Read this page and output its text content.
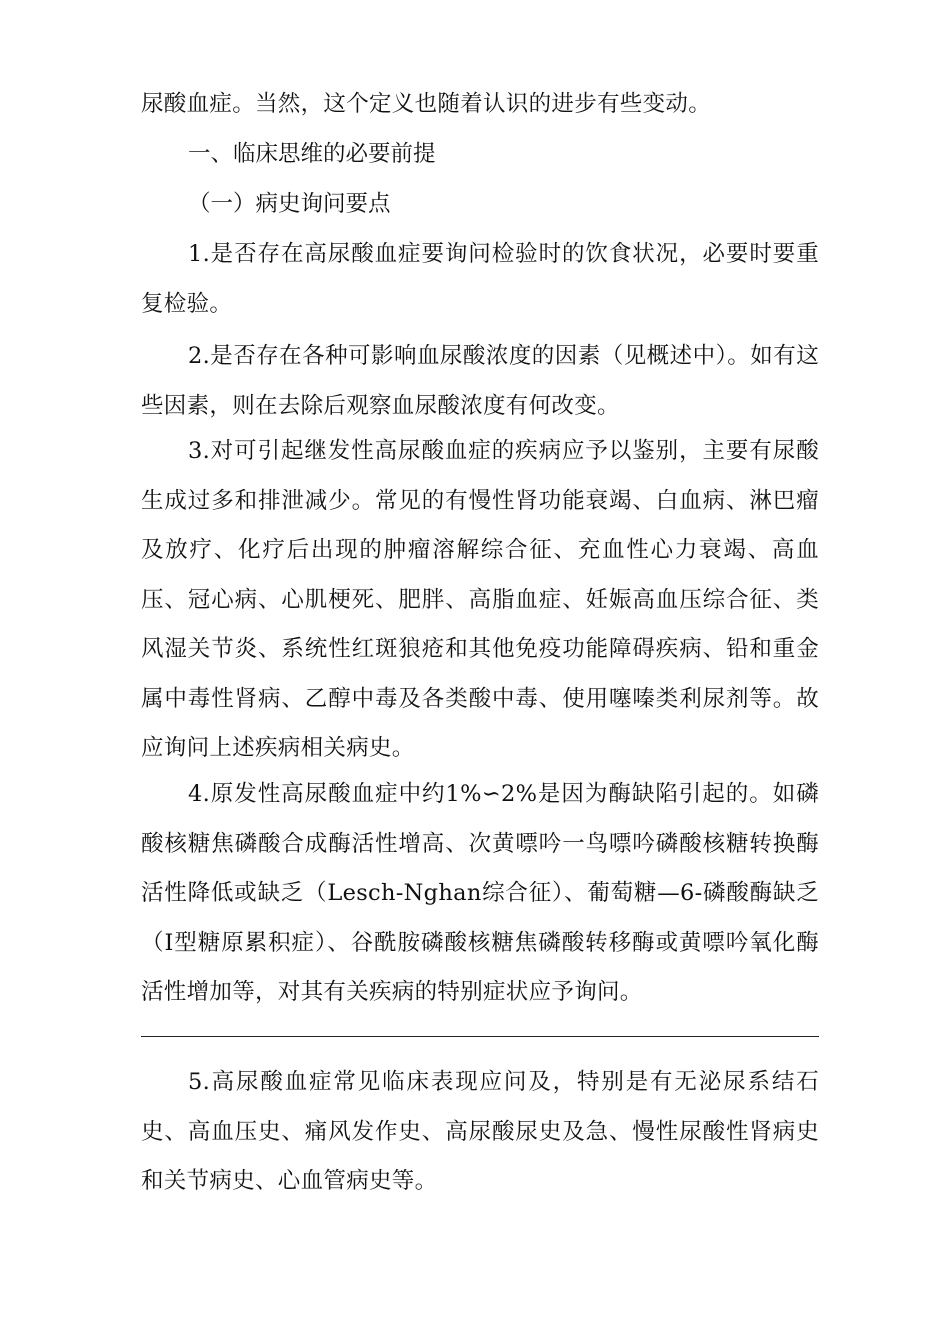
尿酸血症。当然，这个定义也随着认识的进步有些变动。

一、临床思维的必要前提

（一）病史询问要点

1.是否存在高尿酸血症要询问检验时的饮食状况，必要时要重复检验。

2.是否存在各种可影响血尿酸浓度的因素（见概述中）。如有这些因素，则在去除后观察血尿酸浓度有何改变。

3.对可引起继发性高尿酸血症的疾病应予以鉴别，主要有尿酸生成过多和排泄减少。常见的有慢性肾功能衰竭、白血病、淋巴瘤及放疗、化疗后出现的肿瘤溶解综合征、充血性心力衰竭、高血压、冠心病、心肌梗死、肥胖、高脂血症、妊娠高血压综合征、类风湿关节炎、系统性红斑狼疮和其他免疫功能障碍疾病、铅和重金属中毒性肾病、乙醇中毒及各类酸中毒、使用噻嗪类利尿剂等。故应询问上述疾病相关病史。

4.原发性高尿酸血症中约1%∽2%是因为酶缺陷引起的。如磷酸核糖焦磷酸合成酶活性增高、次黄嘌吟一鸟嘌吟磷酸核糖转换酶活性降低或缺乏（Lesch-Nghan综合征）、葡萄糖—6-磷酸酶缺乏（I型糖原累积症）、谷酰胺磷酸核糖焦磷酸转移酶或黄嘌吟氧化酶活性增加等，对其有关疾病的特别症状应予询问。

5.高尿酸血症常见临床表现应问及，特别是有无泌尿系结石史、高血压史、痛风发作史、高尿酸尿史及急、慢性尿酸性肾病史和关节病史、心血管病史等。
